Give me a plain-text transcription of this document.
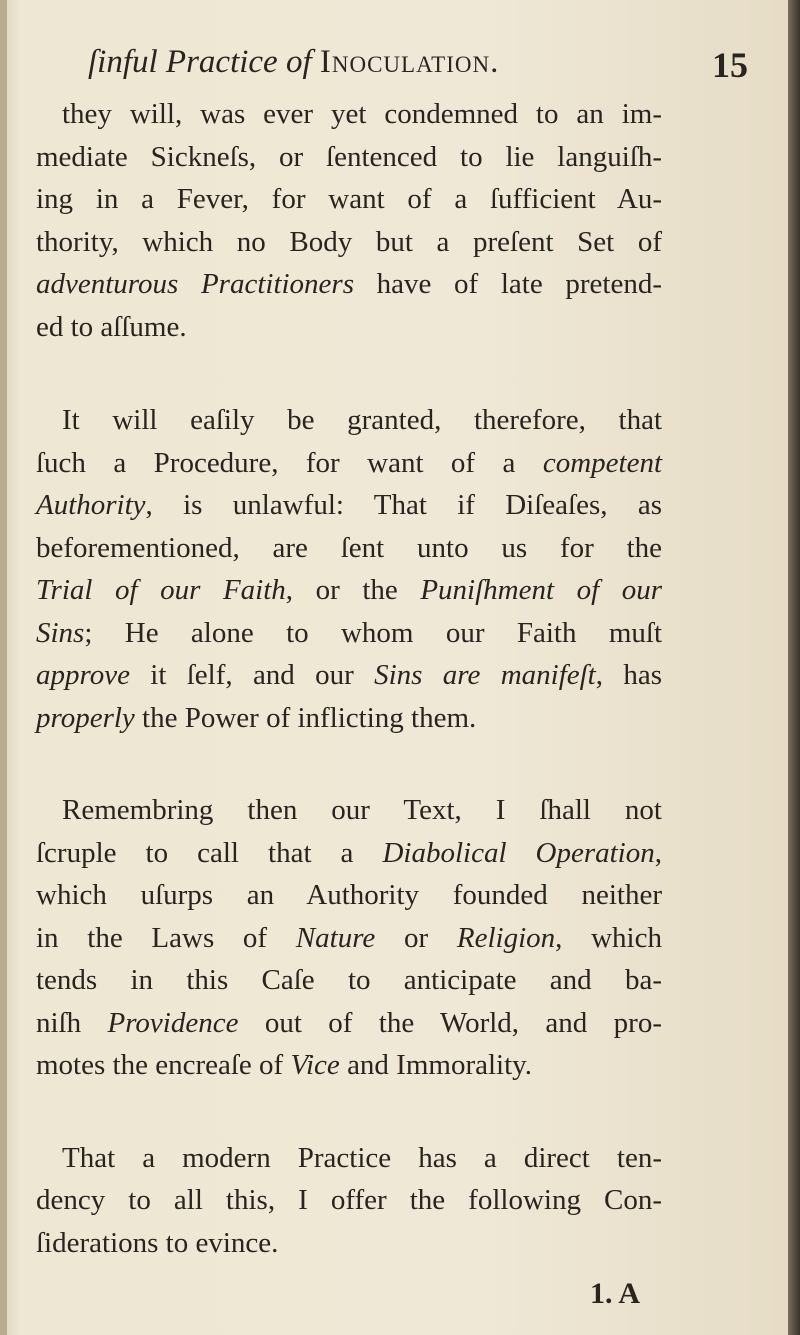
ſinful Practice of Inoculation.	15
they will, was ever yet condemned to an im-
mediate Sickneſs, or ſentenced to lie languiſh-
ing in a Fever, for want of a ſufficient Au-
thority, which no Body but a preſent Set of
adventurous Practitioners have of late pretend-
ed to aſſume.
It will eaſily be granted, therefore, that
ſuch a Procedure, for want of a competent
Authority, is unlawful: That if Diſeaſes, as
beforementioned, are ſent unto us for the
Trial of our Faith, or the Puniſhment of our
Sins; He alone to whom our Faith muſt
approve it ſelf, and our Sins are manifeſt, has
properly the Power of inflicting them.
Remembring then our Text, I ſhall not
ſcruple to call that a Diabolical Operation,
which uſurps an Authority founded neither
in the Laws of Nature or Religion, which
tends in this Caſe to anticipate and ba-
niſh Providence out of the World, and pro-
motes the encreaſe of Vice and Immorality.
That a modern Practice has a direct ten-
dency to all this, I offer the following Con-
ſiderations to evince.
1. A
